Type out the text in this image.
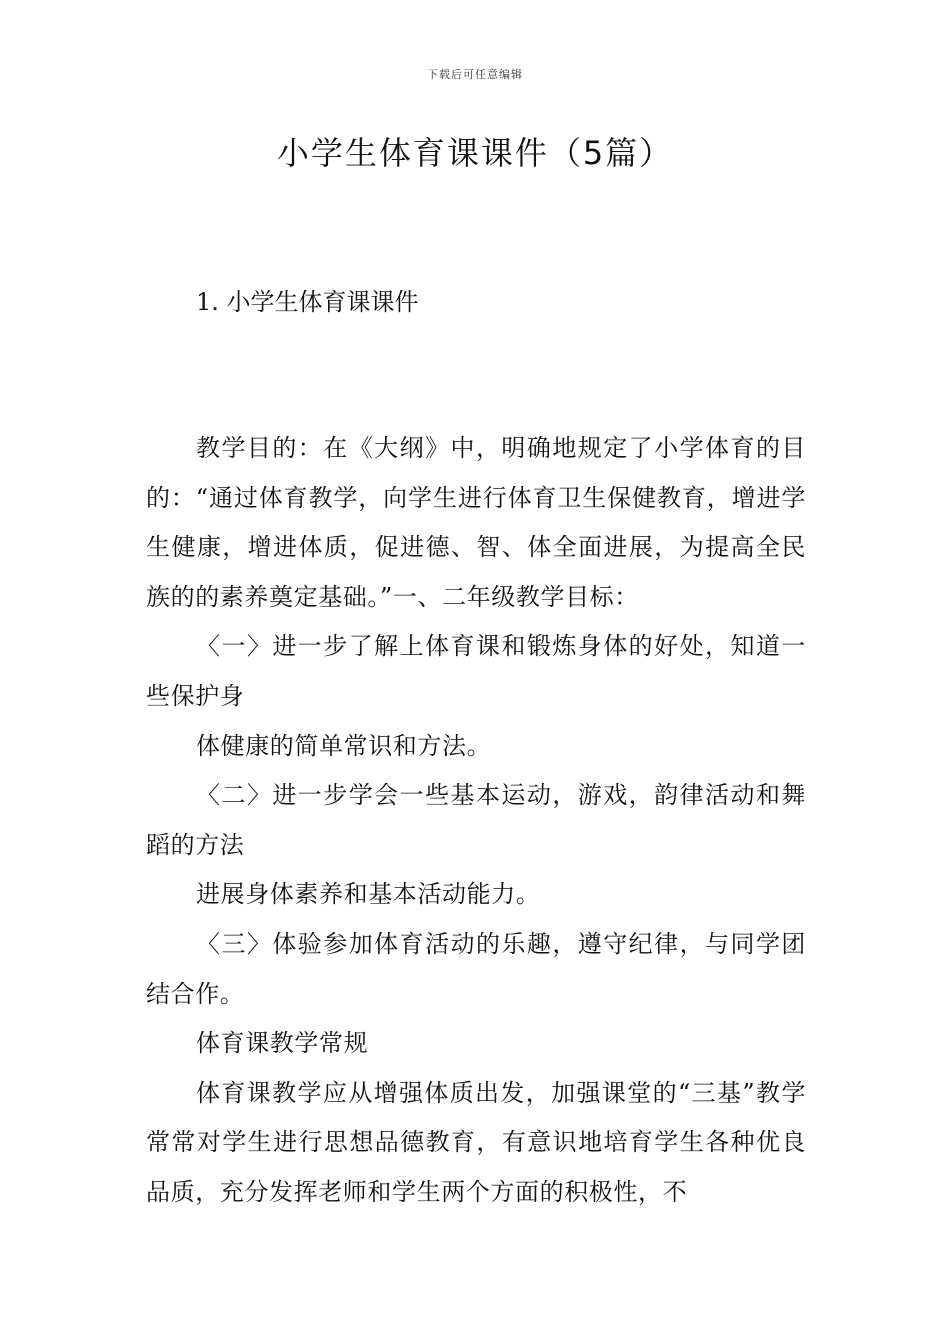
下载后可任意编辑
小学生体育课课件（5篇）
1. 小学生体育课课件

教学目的：在《大纲》中，明确地规定了小学体育的目的：“通过体育教学，向学生进行体育卫生保健教育，增进学生健康，增进体质，促进德、智、体全面进展，为提高全民族的的素养奠定基础。”一、二年级教学目标：

〈一〉进一步了解上体育课和锻炼身体的好处，知道一些保护身

体健康的简单常识和方法。

〈二〉进一步学会一些基本运动，游戏，韵律活动和舞蹈的方法

进展身体素养和基本活动能力。

〈三〉体验参加体育活动的乐趣，遵守纪律，与同学团结合作。

体育课教学常规

体育课教学应从增强体质出发，加强课堂的“三基”教学常常对学生进行思想品德教育，有意识地培育学生各种优良品质，充分发挥老师和学生两个方面的积极性，不
